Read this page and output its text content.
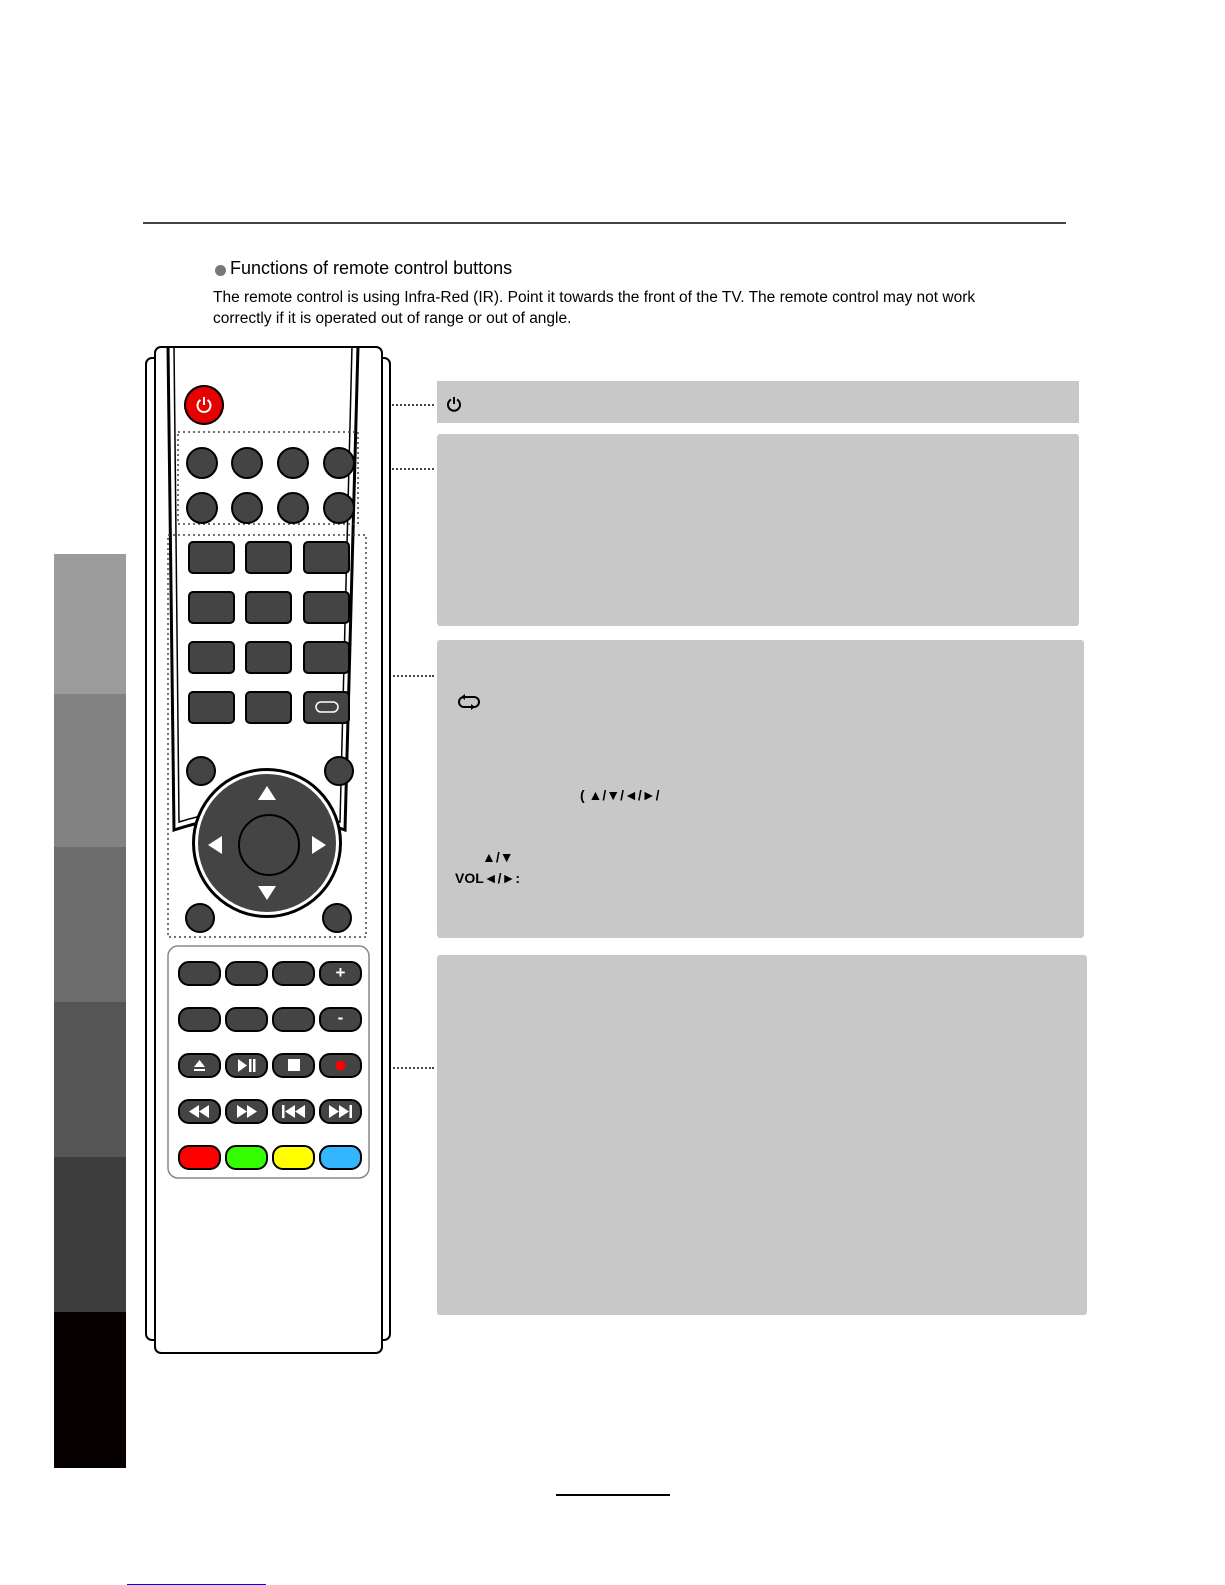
Functions of remote control buttons
The remote control is using Infra-Red (IR). Point it towards the front of the TV. The remote control may not work correctly if it is operated out of range or out of angle.
( ▲/▼/◄/►/
▲/▼
VOL◄/►:
+
-
